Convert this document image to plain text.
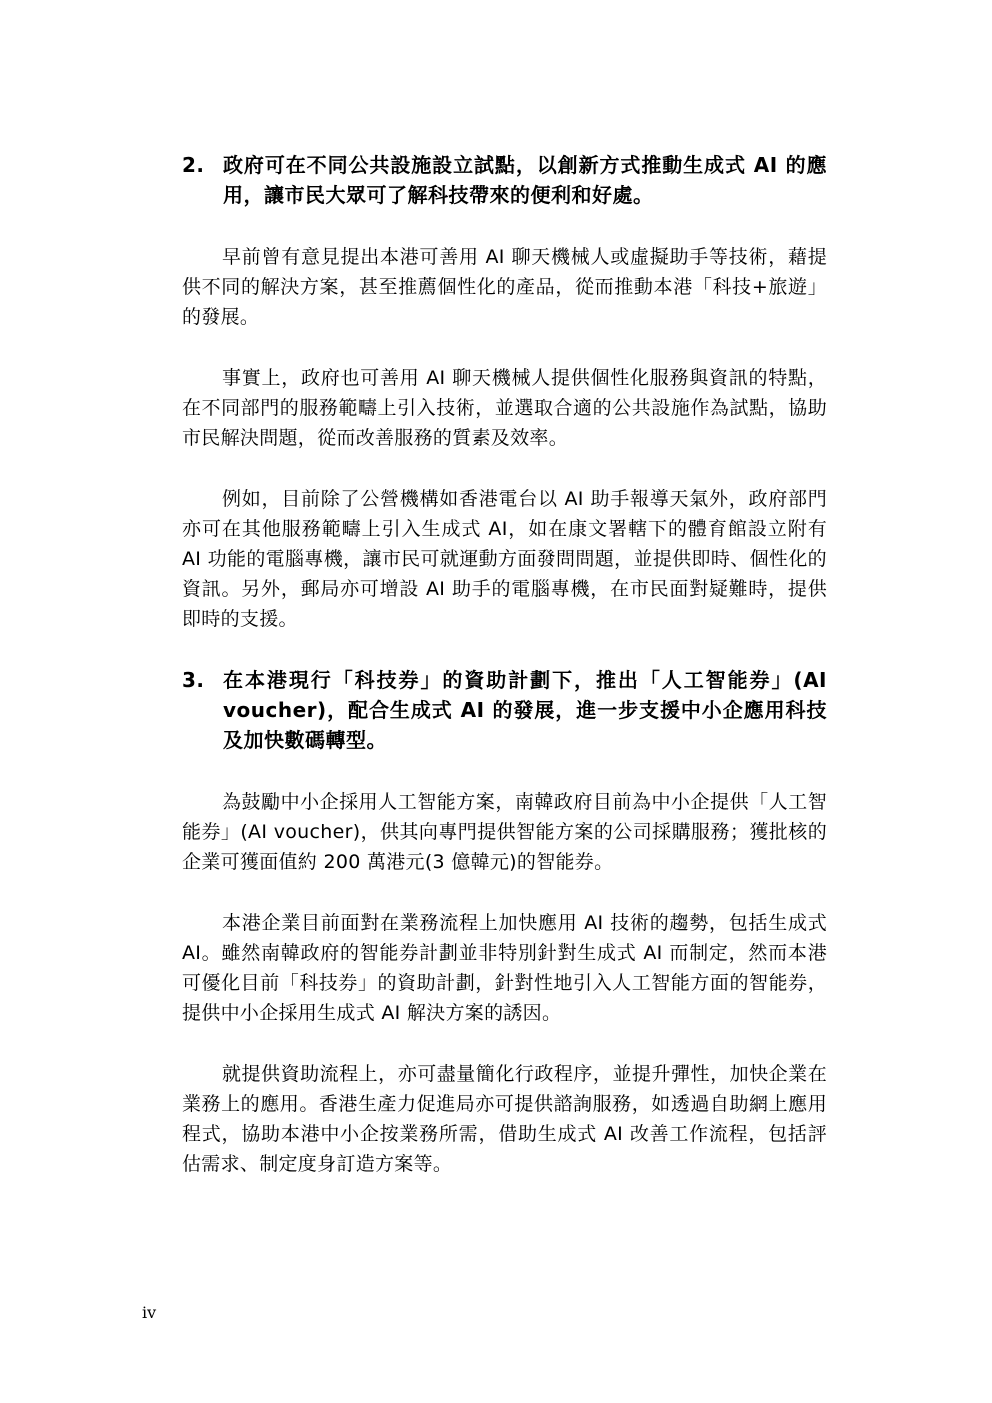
2. 政府可在不同公共設施設立試點，以創新方式推動生成式 AI 的應用，讓市民大眾可了解科技帶來的便利和好處。

早前曾有意見提出本港可善用 AI 聊天機械人或虛擬助手等技術，藉提供不同的解決方案，甚至推薦個性化的產品，從而推動本港「科技+旅遊」的發展。

事實上，政府也可善用 AI 聊天機械人提供個性化服務與資訊的特點，在不同部門的服務範疇上引入技術，並選取合適的公共設施作為試點，協助市民解決問題，從而改善服務的質素及效率。

例如，目前除了公營機構如香港電台以 AI 助手報導天氣外，政府部門亦可在其他服務範疇上引入生成式 AI，如在康文署轄下的體育館設立附有 AI 功能的電腦專機，讓市民可就運動方面發問問題，並提供即時、個性化的資訊。另外，郵局亦可增設 AI 助手的電腦專機，在市民面對疑難時，提供即時的支援。

3. 在本港現行「科技券」的資助計劃下，推出「人工智能券」(AI voucher)，配合生成式 AI 的發展，進一步支援中小企應用科技及加快數碼轉型。

為鼓勵中小企採用人工智能方案，南韓政府目前為中小企提供「人工智能券」(AI voucher)，供其向專門提供智能方案的公司採購服務；獲批核的企業可獲面值約 200 萬港元(3 億韓元)的智能券。

本港企業目前面對在業務流程上加快應用 AI 技術的趨勢，包括生成式 AI。雖然南韓政府的智能券計劃並非特別針對生成式 AI 而制定，然而本港可優化目前「科技券」的資助計劃，針對性地引入人工智能方面的智能券，提供中小企採用生成式 AI 解決方案的誘因。

就提供資助流程上，亦可盡量簡化行政程序，並提升彈性，加快企業在業務上的應用。香港生產力促進局亦可提供諮詢服務，如透過自助網上應用程式，協助本港中小企按業務所需，借助生成式 AI 改善工作流程，包括評估需求、制定度身訂造方案等。

iv
